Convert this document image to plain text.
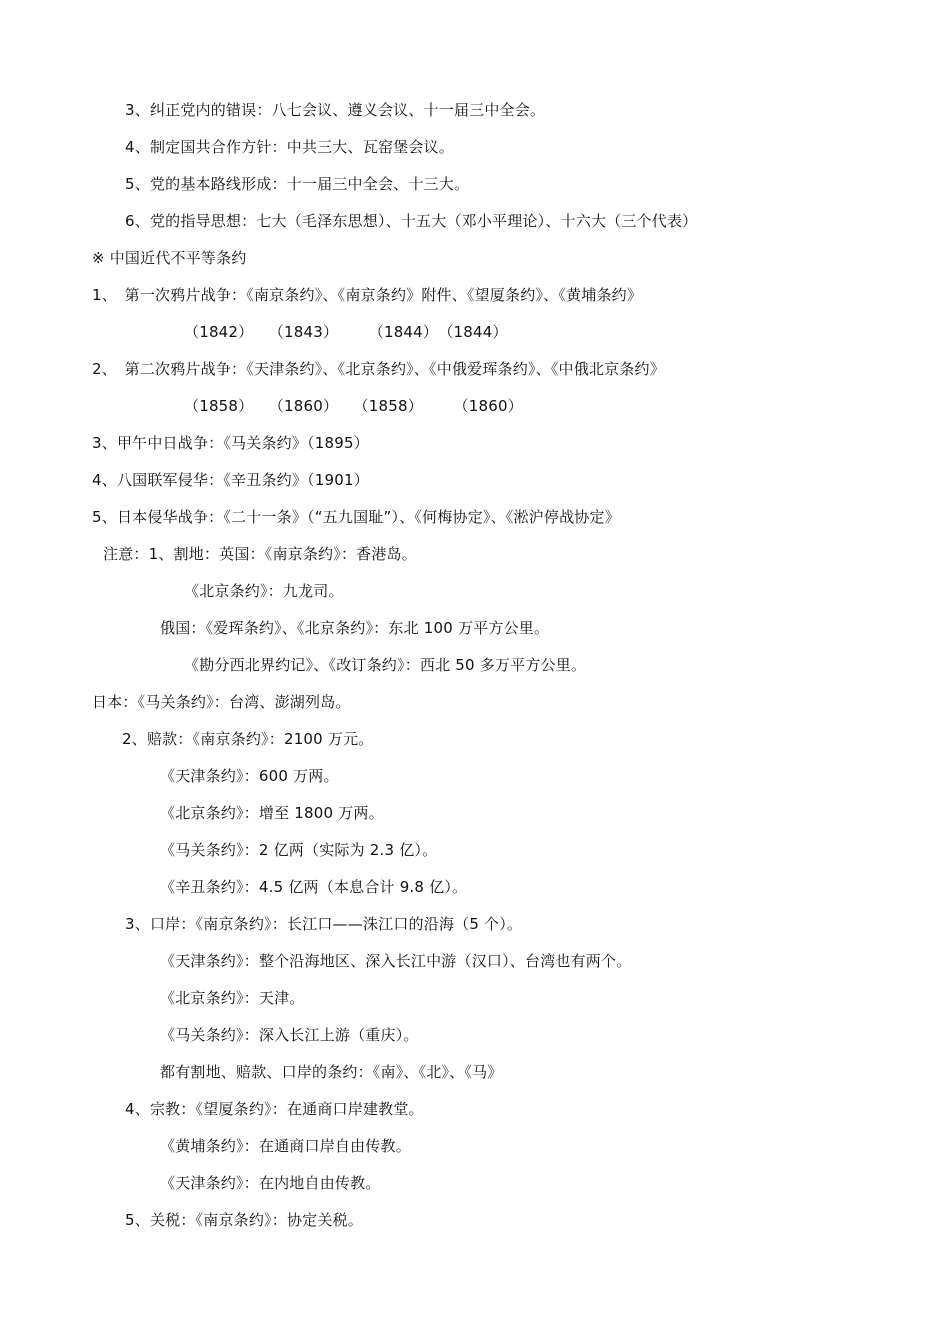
3、纠正党内的错误：八七会议、遵义会议、十一届三中全会。
4、制定国共合作方针：中共三大、瓦窑堡会议。
5、党的基本路线形成：十一届三中全会、十三大。
6、党的指导思想：七大（毛泽东思想）、十五大（邓小平理论）、十六大（三个代表）
※ 中国近代不平等条约
1、　第一次鸦片战争：《南京条约》、《南京条约》附件、《望厦条约》、《黄埔条约》
（1842）　　（1843）　　　（1844）　（1844）
2、　第二次鸦片战争：《天津条约》、《北京条约》、《中俄爱珲条约》、《中俄北京条约》
（1858）　　（1860）　　（1858）　　　（1860）
3、甲午中日战争：《马关条约》（1895）
4、八国联军侵华：《辛丑条约》（1901）
5、日本侵华战争：《二十一条》（“五九国耻”）、《何梅协定》、《淞沪停战协定》
注意：1、割地：英国：《南京条约》：香港岛。
《北京条约》：九龙司。
俄国：《爱珲条约》、《北京条约》：东北 100 万平方公里。
《勘分西北界约记》、《改订条约》：西北 50 多万平方公里。
日本：《马关条约》：台湾、澎湖列岛。
2、赔款：《南京条约》：2100 万元。
《天津条约》：600 万两。
《北京条约》：增至 1800 万两。
《马关条约》：2 亿两（实际为 2.3 亿）。
《辛丑条约》：4.5 亿两（本息合计 9.8 亿）。
3、口岸：《南京条约》：长江口——洙江口的沿海（5 个）。
《天津条约》：整个沿海地区、深入长江中游（汉口）、台湾也有两个。
《北京条约》：天津。
《马关条约》：深入长江上游（重庆）。
都有割地、赔款、口岸的条约：《南》、《北》、《马》
4、宗教：《望厦条约》：在通商口岸建教堂。
《黄埔条约》：在通商口岸自由传教。
《天津条约》：在内地自由传教。
5、关税：《南京条约》：协定关税。
